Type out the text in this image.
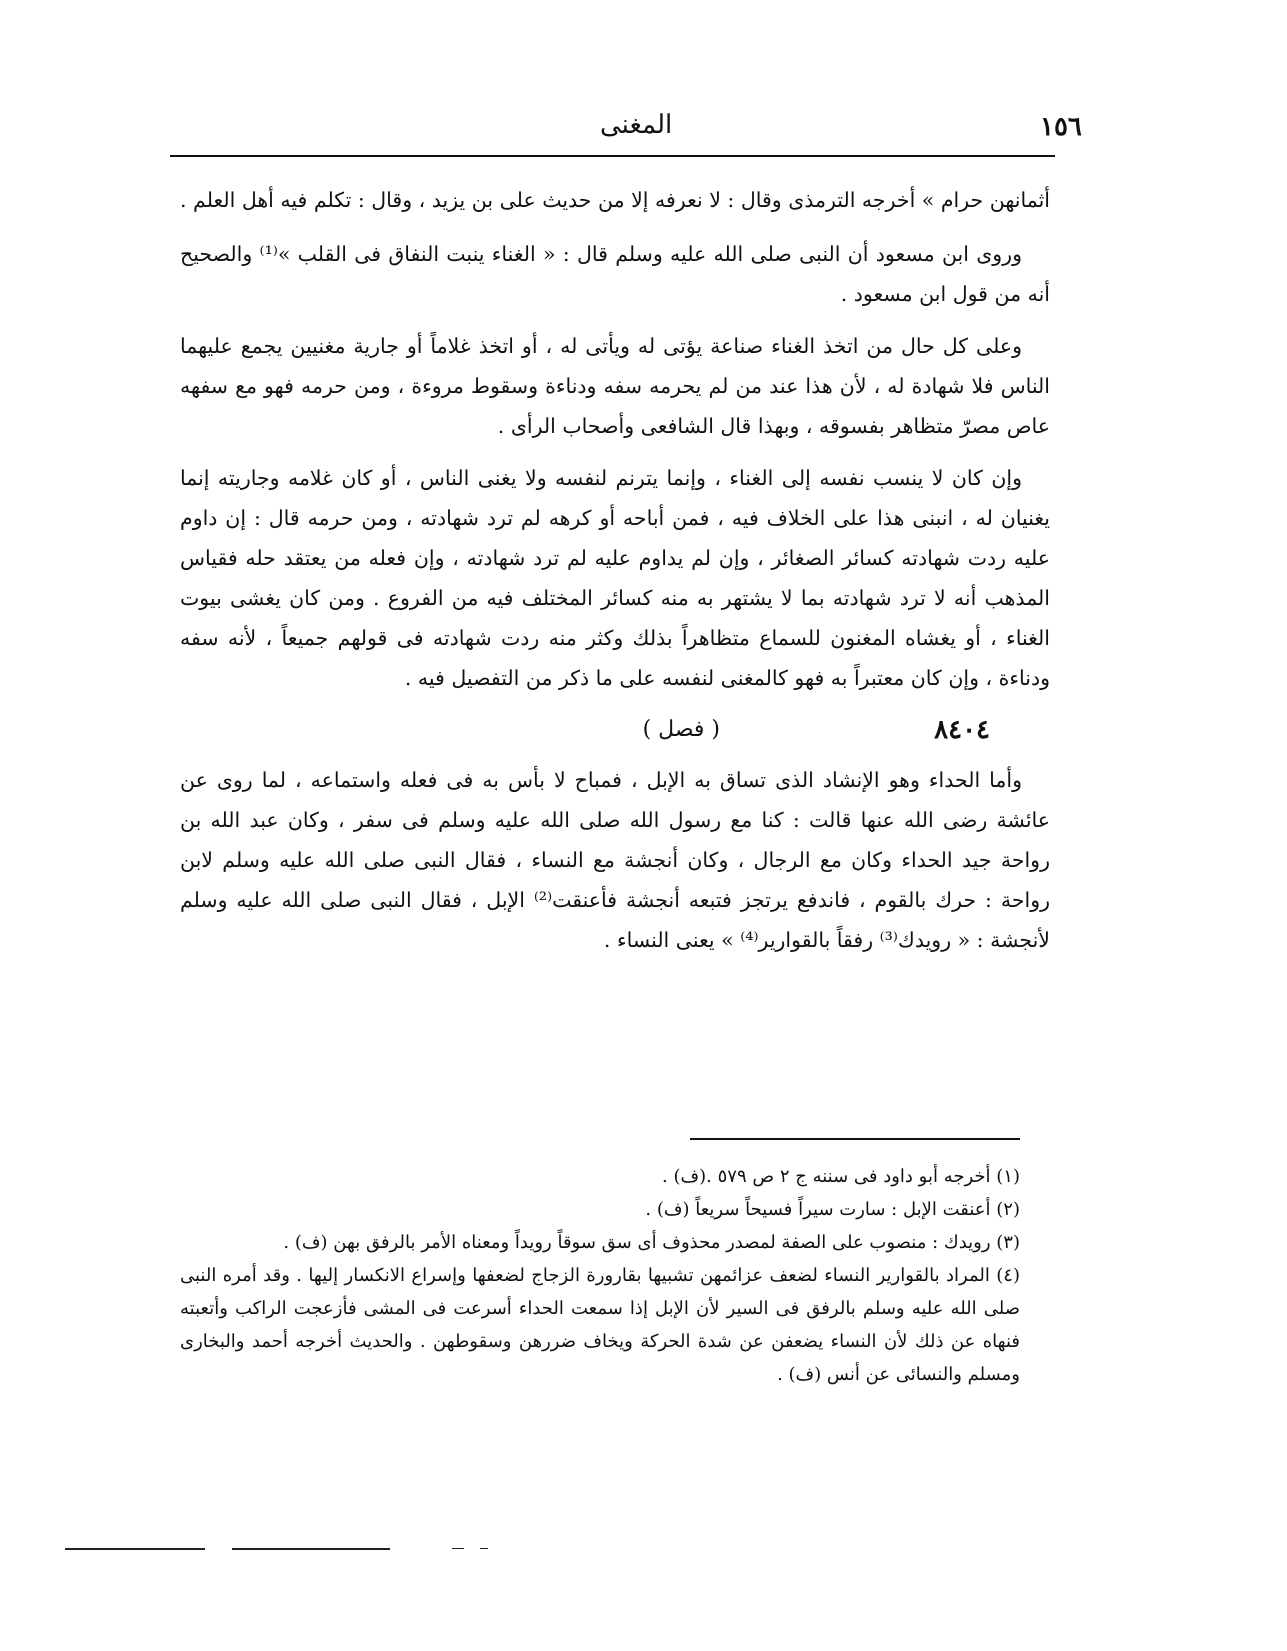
١٥٦
المغنى

أثمانهن حرام » أخرجه الترمذى وقال : لا نعرفه إلا من حديث على بن يزيد ، وقال : تكلم فيه أهل العلم .

وروى ابن مسعود أن النبى صلى الله عليه وسلم قال : « الغناء ينبت النفاق فى القلب »⁽¹⁾ والصحيح أنه من قول ابن مسعود .

وعلى كل حال من اتخذ الغناء صناعة يؤتى له ويأتى له ، أو اتخذ غلاماً أو جارية مغنيين يجمع عليهما الناس فلا شهادة له ، لأن هذا عند من لم يحرمه سفه ودناءة وسقوط مروءة ، ومن حرمه فهو مع سفهه عاص مصرّ متظاهر بفسوقه ، وبهذا قال الشافعى وأصحاب الرأى .

وإن كان لا ينسب نفسه إلى الغناء ، وإنما يترنم لنفسه ولا يغنى الناس ، أو كان غلامه وجاريته إنما يغنيان له ، انبنى هذا على الخلاف فيه ، فمن أباحه أو كرهه لم ترد شهادته ، ومن حرمه قال : إن داوم عليه ردت شهادته كسائر الصغائر ، وإن لم يداوم عليه لم ترد شهادته ، وإن فعله من يعتقد حله فقياس المذهب أنه لا ترد شهادته بما لا يشتهر به منه كسائر المختلف فيه من الفروع . ومن كان يغشى بيوت الغناء ، أو يغشاه المغنون للسماع متظاهراً بذلك وكثر منه ردت شهادته فى قولهم جميعاً ، لأنه سفه ودناءة ، وإن كان معتبراً به فهو كالمغنى لنفسه على ما ذكر من التفصيل فيه .

٨٤٠٤
( فصل )

وأما الحداء وهو الإنشاد الذى تساق به الإبل ، فمباح لا بأس به فى فعله واستماعه ، لما روى عن عائشة رضى الله عنها قالت : كنا مع رسول الله صلى الله عليه وسلم فى سفر ، وكان عبد الله بن رواحة جيد الحداء وكان مع الرجال ، وكان أنجشة مع النساء ، فقال النبى صلى الله عليه وسلم لابن رواحة : حرك بالقوم ، فاندفع يرتجز فتبعه أنجشة فأعنقت⁽²⁾ الإبل ، فقال النبى صلى الله عليه وسلم لأنجشة : « رويدك⁽³⁾ رفقاً بالقوارير⁽⁴⁾ » يعنى النساء .

(١) أخرجه أبو داود فى سننه ج ٢ ص ٥٧٩ .(ف) .

(٢) أعنقت الإبل : سارت سيراً فسيحاً سريعاً (ف) .

(٣) رويدك : منصوب على الصفة لمصدر محذوف أى سق سوقاً رويداً ومعناه الأمر بالرفق بهن (ف) .

(٤) المراد بالقوارير النساء لضعف عزائمهن تشبيها بقارورة الزجاج لضعفها وإسراع الانكسار إليها . وقد أمره النبى صلى الله عليه وسلم بالرفق فى السير لأن الإبل إذا سمعت الحداء أسرعت فى المشى فأزعجت الراكب وأتعبته فنهاه عن ذلك لأن النساء يضعفن عن شدة الحركة ويخاف ضررهن وسقوطهن . والحديث أخرجه أحمد والبخارى ومسلم والنسائى عن أنس (ف) .
